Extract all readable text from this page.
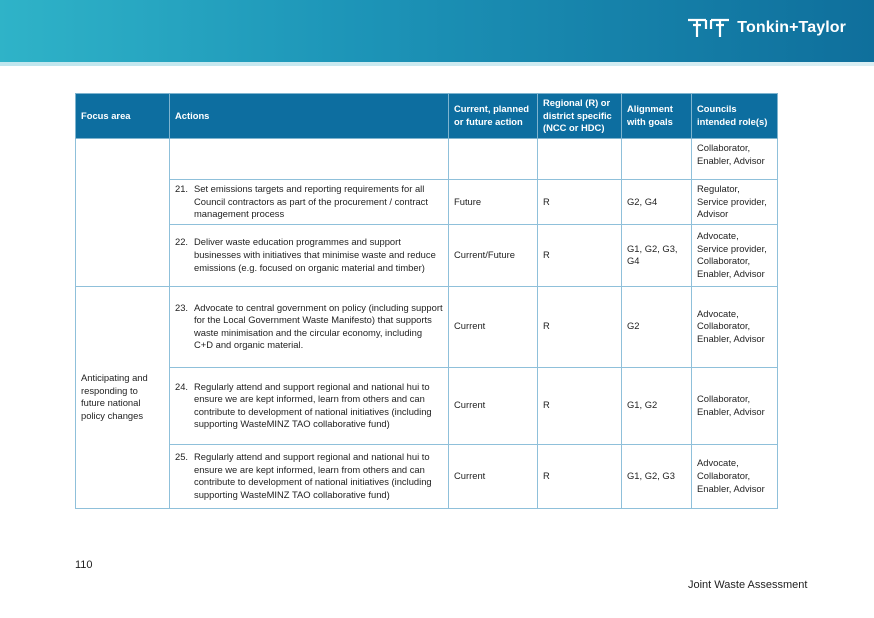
Tonkin+Taylor
Focus area	Actions	Current, planned or future action	Regional (R) or district specific (NCC or HDC)	Alignment with goals	Councils intended role(s)

				Collaborator, Enabler, Advisor

	21. Set emissions targets and reporting requirements for all Council contractors as part of the procurement / contract management process	Future	R	G2, G4	Regulator, Service provider, Advisor

	22. Deliver waste education programmes and support businesses with initiatives that minimise waste and reduce emissions (e.g. focused on organic material and timber)	Current/Future	R	G1, G2, G3, G4	Advocate, Service provider, Collaborator, Enabler, Advisor
Anticipating and responding to future national policy changes	23. Advocate to central government on policy (including support for the Local Government Waste Manifesto) that supports waste minimisation and the circular economy, including C+D and organic material.	Current	R	G2	Advocate, Collaborator, Enabler, Advisor

	24. Regularly attend and support regional and national hui to ensure we are kept informed, learn from others and can contribute to development of national initiatives (including supporting WasteMINZ TAO collaborative fund)	Current	R	G1, G2	Collaborator, Enabler, Advisor

	25. Regularly attend and support regional and national hui to ensure we are kept informed, learn from others and can contribute to development of national initiatives (including supporting WasteMINZ TAO collaborative fund)	Current	R	G1, G2, G3	Advocate, Collaborator, Enabler, Advisor
110
Joint Waste Assessment
